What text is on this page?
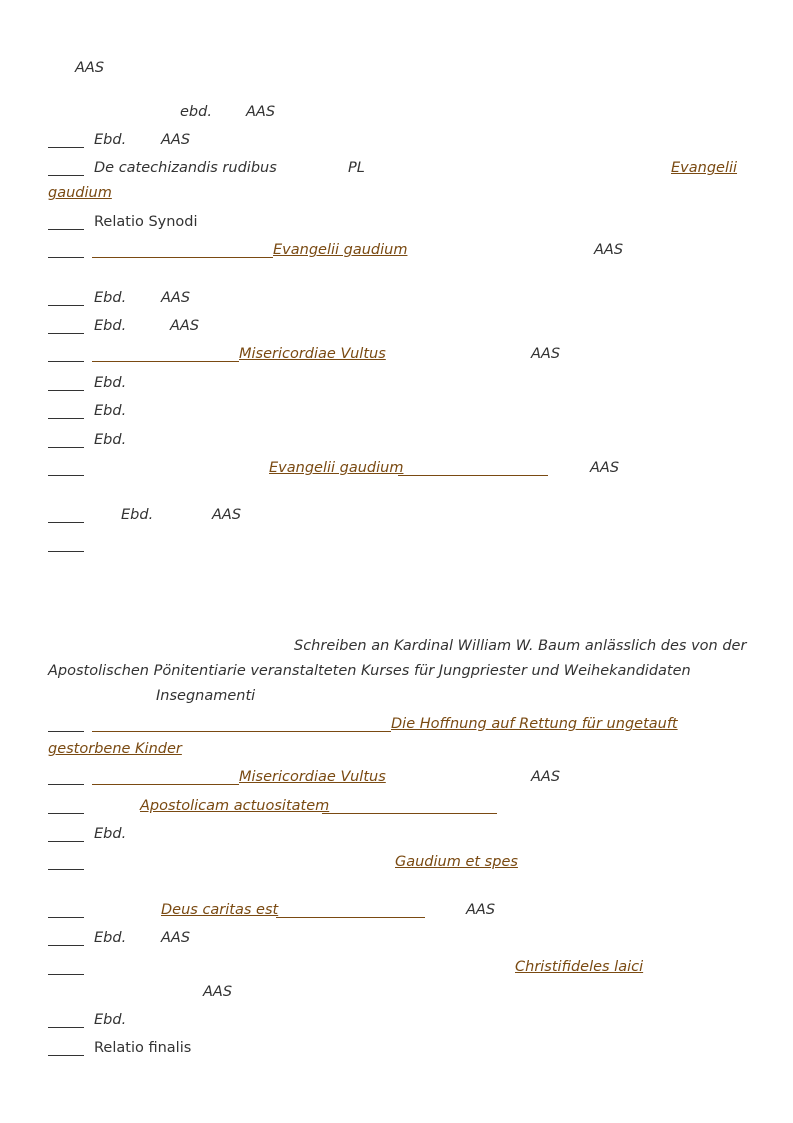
AAS
ebd. AAS
Ebd. AAS
De catechizandis rudibus	PL	Evangelii
gaudium
Relatio Synodi
Evangelii gaudium	AAS
Ebd. AAS
Ebd.	AAS
Misericordiae Vultus	AAS
Ebd.
Ebd.
Ebd.
Evangelii gaudium	AAS
Ebd.	AAS
Schreiben an Kardinal William W. Baum anlässlich des von der
Apostolischen Pönitentiarie veranstalteten Kurses für Jungpriester und Weihekandidaten
Insegnamenti
Die Hoffnung auf Rettung für ungetauft
gestorbene Kinder
Misericordiae Vultus	AAS
Apostolicam actuositatem
Ebd.
Gaudium et spes
Deus caritas est	AAS
Ebd. AAS
Christifideles laici
AAS
Ebd.
Relatio finalis
